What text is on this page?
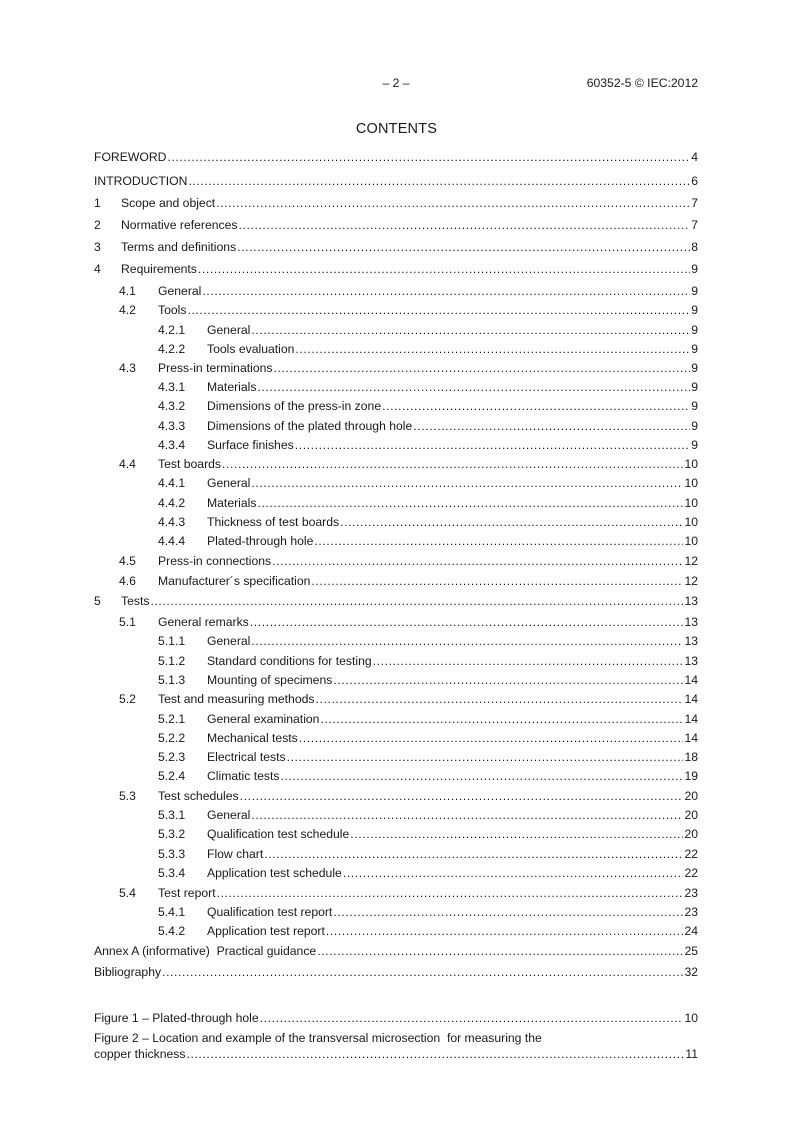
– 2 –	60352-5 © IEC:2012
CONTENTS
FOREWORD .....	4
INTRODUCTION .....	6
1	Scope and object .....	7
2	Normative references .....	7
3	Terms and definitions .....	8
4	Requirements .....	9
4.1	General .....	9
4.2	Tools .....	9
4.2.1	General .....	9
4.2.2	Tools evaluation .....	9
4.3	Press-in terminations .....	9
4.3.1	Materials .....	9
4.3.2	Dimensions of the press-in zone .....	9
4.3.3	Dimensions of the plated through hole .....	9
4.3.4	Surface finishes .....	9
4.4	Test boards .....	10
4.4.1	General .....	10
4.4.2	Materials .....	10
4.4.3	Thickness of test boards .....	10
4.4.4	Plated-through hole .....	10
4.5	Press-in connections .....	12
4.6	Manufacturer´s specification .....	12
5	Tests .....	13
5.1	General remarks .....	13
5.1.1	General .....	13
5.1.2	Standard conditions for testing .....	13
5.1.3	Mounting of specimens .....	14
5.2	Test and measuring methods .....	14
5.2.1	General examination .....	14
5.2.2	Mechanical tests .....	14
5.2.3	Electrical tests .....	18
5.2.4	Climatic tests .....	19
5.3	Test schedules .....	20
5.3.1	General .....	20
5.3.2	Qualification test schedule .....	20
5.3.3	Flow chart .....	22
5.3.4	Application test schedule .....	22
5.4	Test report .....	23
5.4.1	Qualification test report .....	23
5.4.2	Application test report .....	24
Annex A (informative)  Practical guidance .....	25
Bibliography .....	32
Figure 1 – Plated-through hole .....	10
Figure 2 – Location and example of the transversal microsection  for measuring the
copper thickness .....	11
